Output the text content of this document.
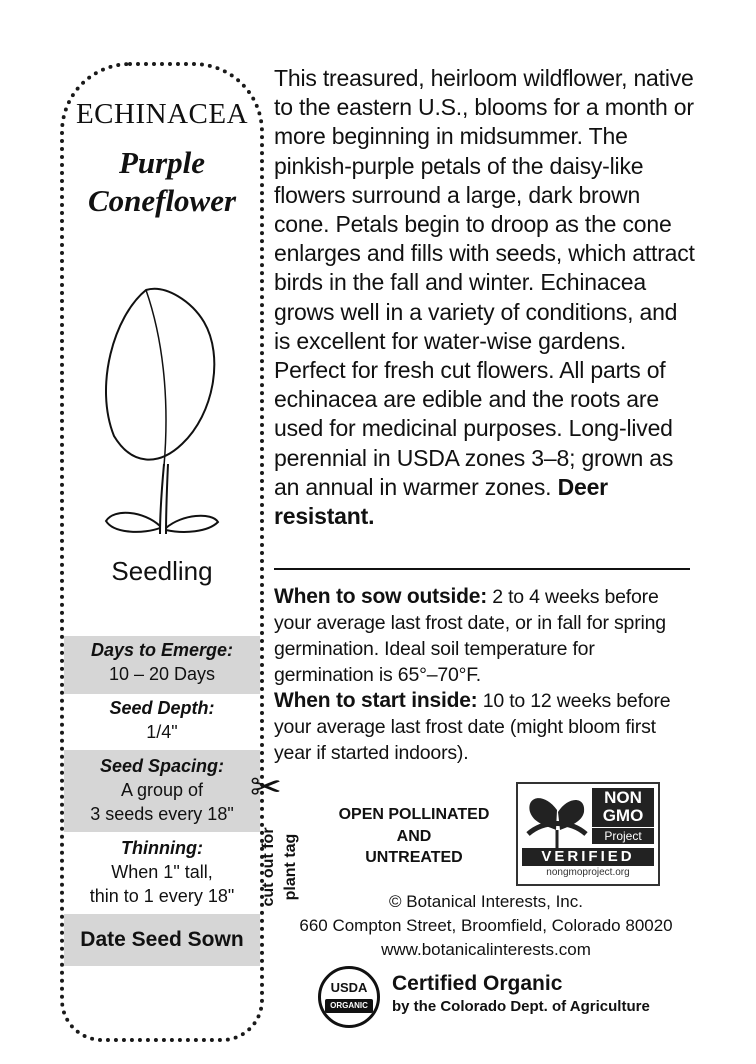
ECHINACEA
Purple
Coneflower
Seedling
Days to Emerge:
10 – 20 Days
Seed Depth:
1/4"
Seed Spacing:
A group of
3 seeds every 18"
Thinning:
When 1" tall,
thin to 1 every 18"
Date Seed Sown
✂
cut out for plant tag
This treasured, heirloom wildflower, native to the eastern U.S., blooms for a month or more beginning in midsummer. The pinkish-purple petals of the daisy-like flowers surround a large, dark brown cone. Petals begin to droop as the cone enlarges and fills with seeds, which attract birds in the fall and winter. Echinacea grows well in a variety of conditions, and is excellent for water-wise gardens. Perfect for fresh cut flowers. All parts of echinacea are edible and the roots are used for medicinal purposes. Long-lived perennial in USDA zones 3–8; grown as an annual in warmer zones. Deer resistant.
When to sow outside: 2 to 4 weeks before your average last frost date, or in fall for spring germination. Ideal soil temperature for germination is 65°–70°F.
When to start inside: 10 to 12 weeks before your average last frost date (might bloom first year if started indoors).
OPEN POLLINATED
AND
UNTREATED
NON
GMO
Project
VERIFIED
nongmoproject.org
© Botanical Interests, Inc.
660 Compton Street, Broomfield, Colorado 80020
www.botanicalinterests.com
USDA
ORGANIC
Certified Organic
by the Colorado Dept. of Agriculture
